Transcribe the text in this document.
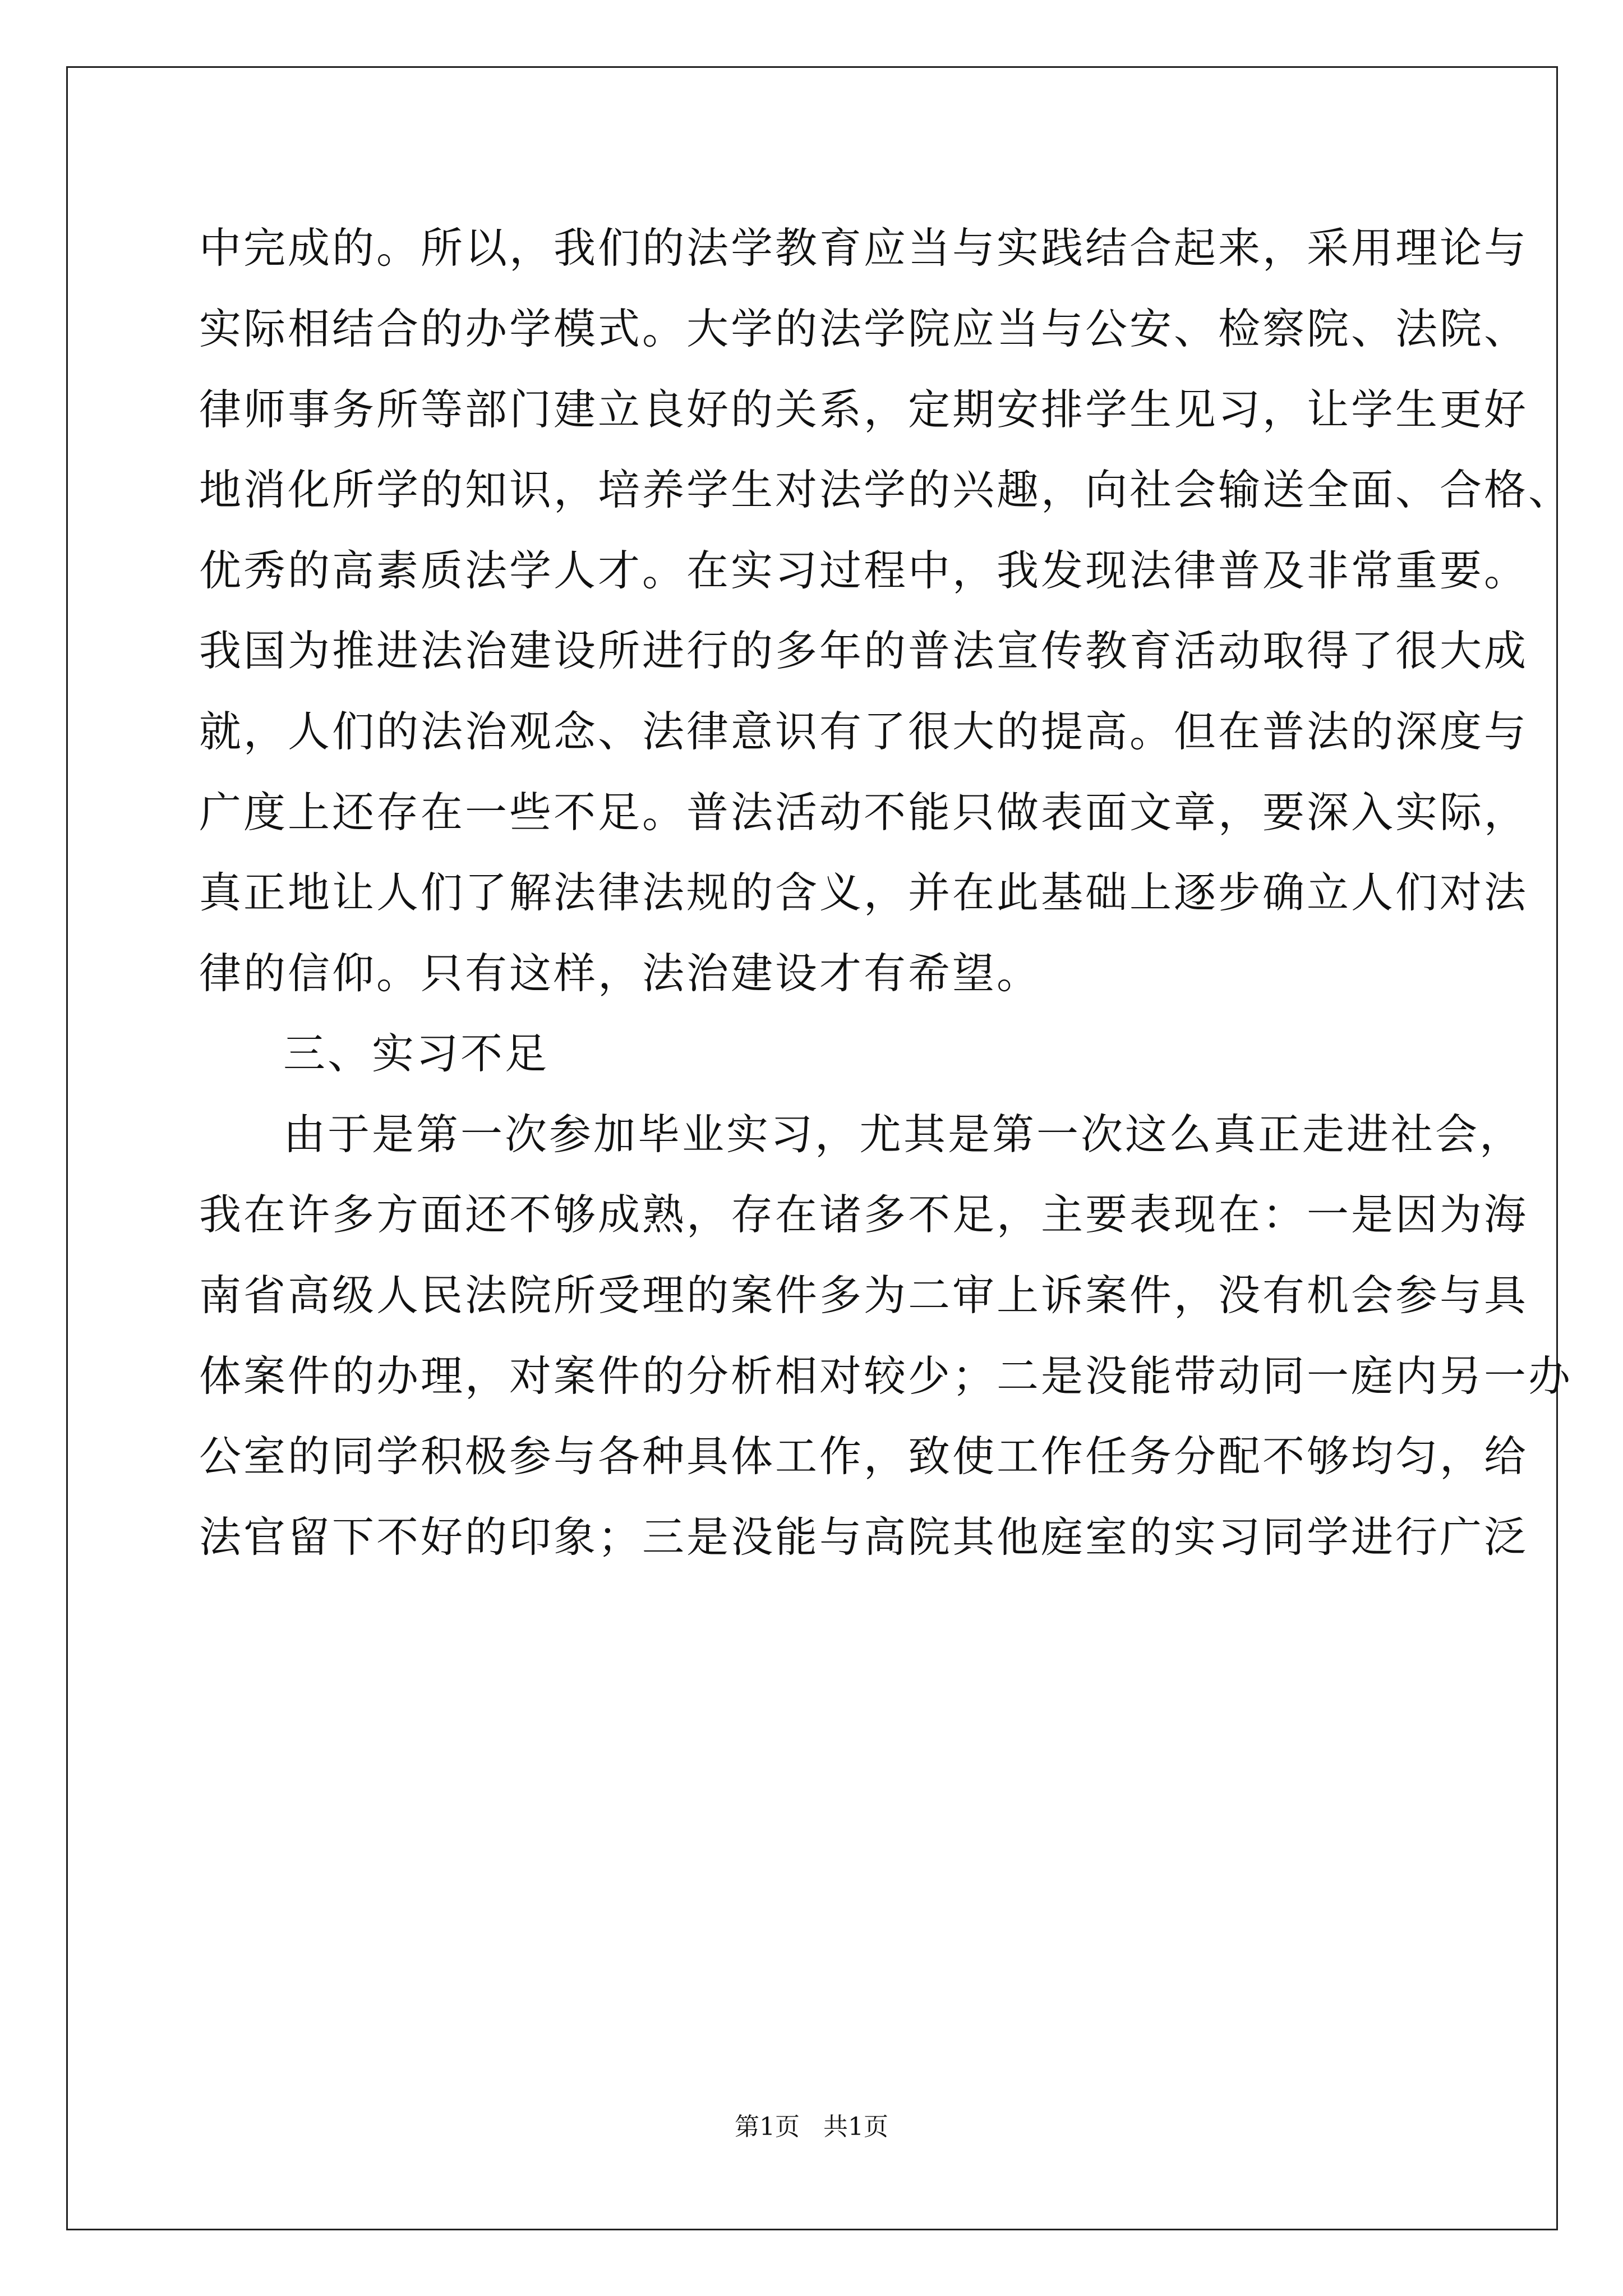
中完成的。所以，我们的法学教育应当与实践结合起来，采用理论与
实际相结合的办学模式。大学的法学院应当与公安、检察院、法院、
律师事务所等部门建立良好的关系，定期安排学生见习，让学生更好
地消化所学的知识，培养学生对法学的兴趣，向社会输送全面、合格、
优秀的高素质法学人才。在实习过程中，我发现法律普及非常重要。
我国为推进法治建设所进行的多年的普法宣传教育活动取得了很大成
就，人们的法治观念、法律意识有了很大的提高。但在普法的深度与
广度上还存在一些不足。普法活动不能只做表面文章，要深入实际，
真正地让人们了解法律法规的含义，并在此基础上逐步确立人们对法
律的信仰。只有这样，法治建设才有希望。
三、实习不足
由于是第一次参加毕业实习，尤其是第一次这么真正走进社会，
我在许多方面还不够成熟，存在诸多不足，主要表现在：一是因为海
南省高级人民法院所受理的案件多为二审上诉案件，没有机会参与具
体案件的办理，对案件的分析相对较少；二是没能带动同一庭内另一办
公室的同学积极参与各种具体工作，致使工作任务分配不够均匀，给
法官留下不好的印象；三是没能与高院其他庭室的实习同学进行广泛
第1页   共1页
